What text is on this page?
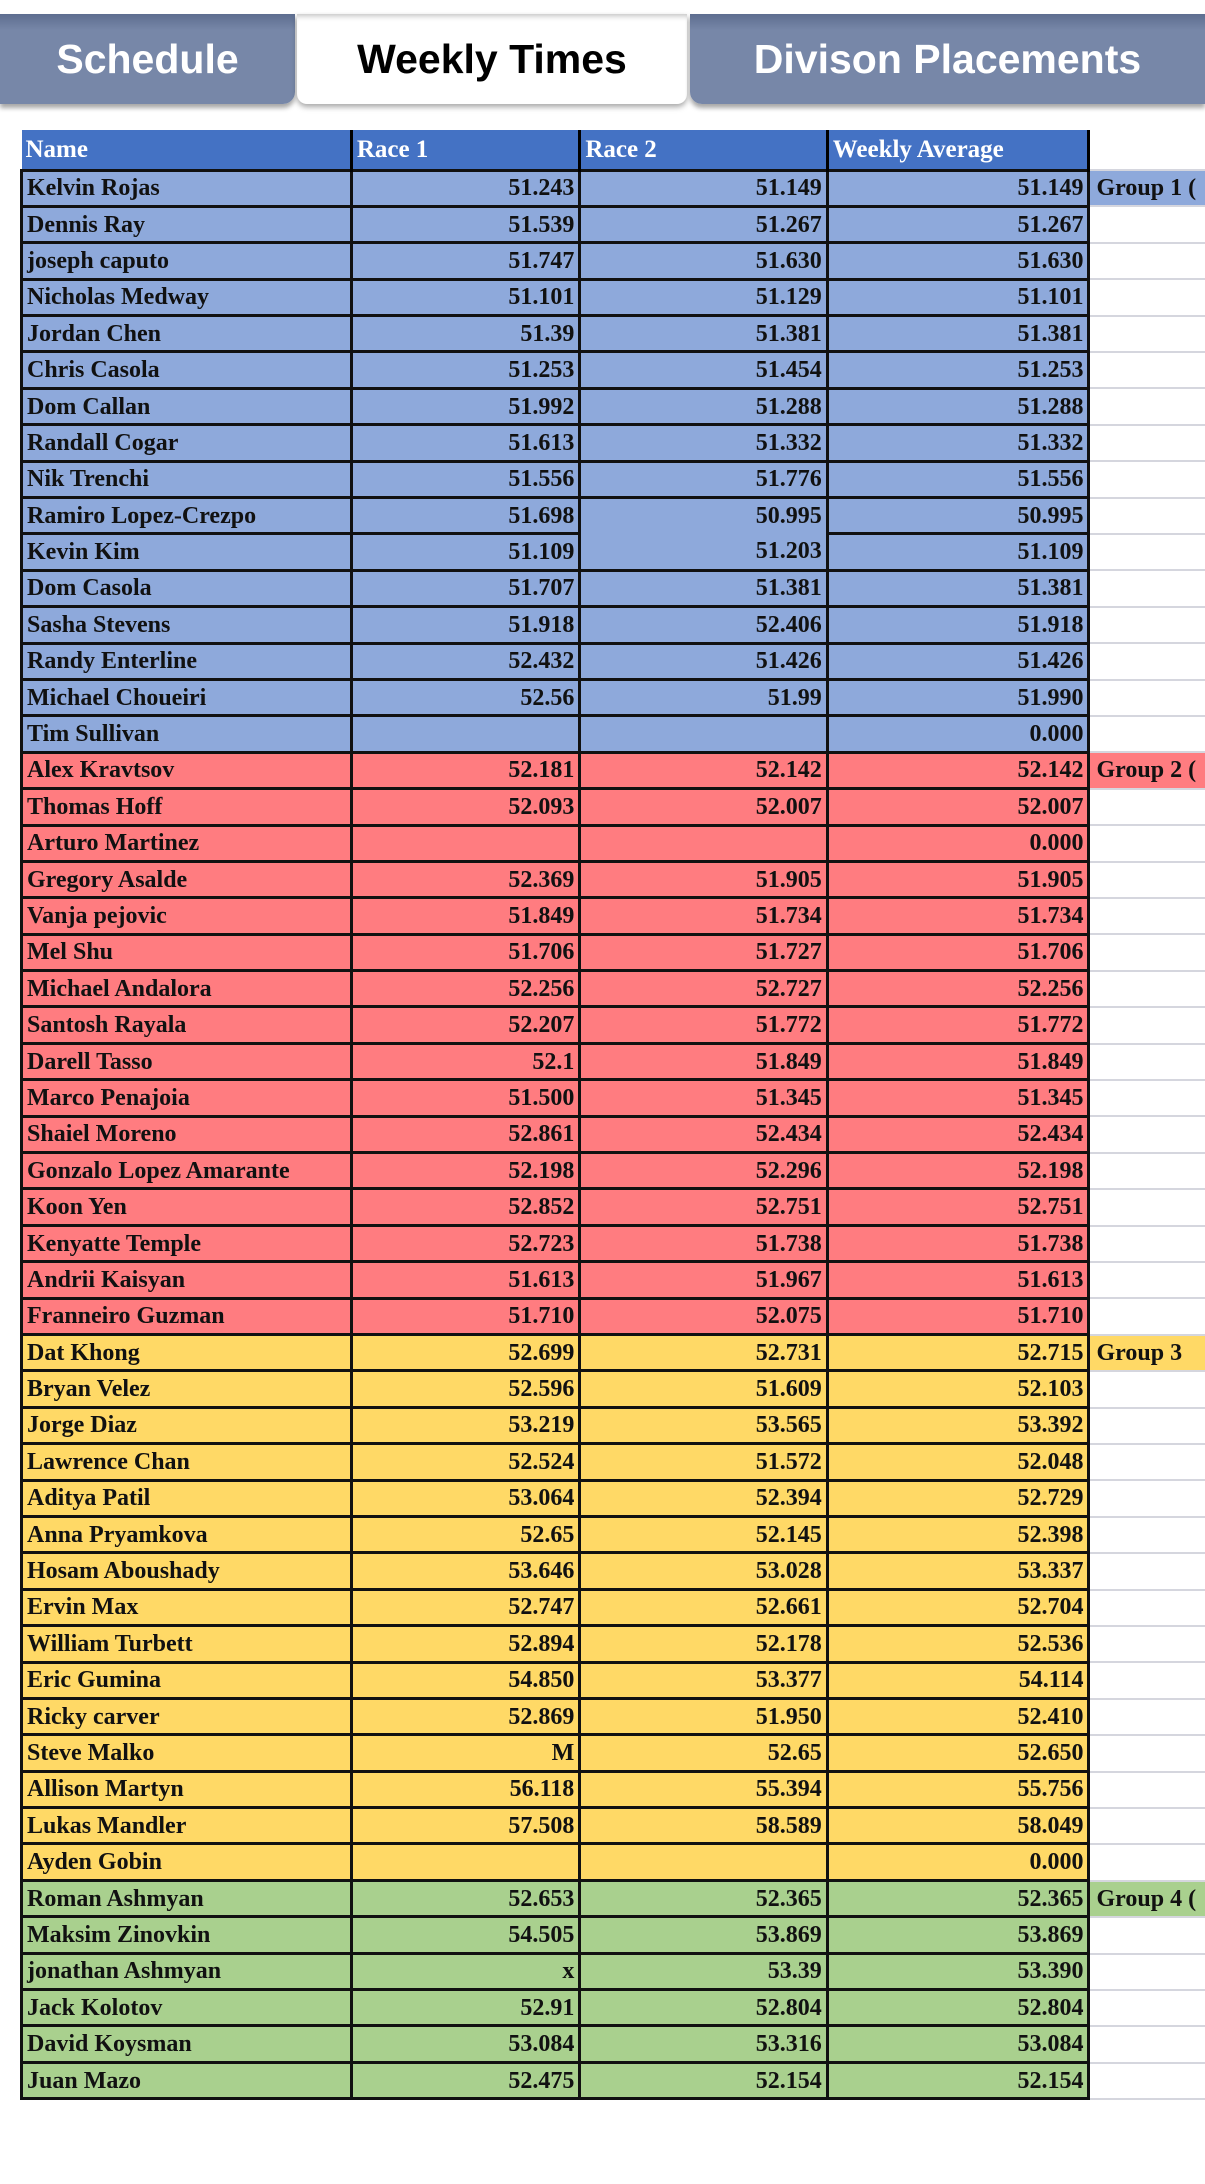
Schedule	Weekly Times	Divison Placements
Name	Race 1	Race 2	Weekly Average	
Kelvin Rojas	51.243	51.149	51.149	Group 1 (
Dennis Ray	51.539	51.267	51.267	
joseph caputo	51.747	51.630	51.630	
Nicholas Medway	51.101	51.129	51.101	
Jordan Chen	51.39	51.381	51.381	
Chris Casola	51.253	51.454	51.253	
Dom Callan	51.992	51.288	51.288	
Randall Cogar	51.613	51.332	51.332	
Nik Trenchi	51.556	51.776	51.556	
Ramiro Lopez-Crezpo	51.698	50.995	50.995	
Kevin Kim	51.109	51.203	51.109	
Dom Casola	51.707	51.381	51.381	
Sasha Stevens	51.918	52.406	51.918	
Randy Enterline	52.432	51.426	51.426	
Michael Choueiri	52.56	51.99	51.990	
Tim Sullivan			0.000	
Alex Kravtsov	52.181	52.142	52.142	Group 2 (
Thomas Hoff	52.093	52.007	52.007	
Arturo Martinez			0.000	
Gregory Asalde	52.369	51.905	51.905	
Vanja pejovic	51.849	51.734	51.734	
Mel Shu	51.706	51.727	51.706	
Michael Andalora	52.256	52.727	52.256	
Santosh Rayala	52.207	51.772	51.772	
Darell Tasso	52.1	51.849	51.849	
Marco Penajoia	51.500	51.345	51.345	
Shaiel Moreno	52.861	52.434	52.434	
Gonzalo Lopez Amarante	52.198	52.296	52.198	
Koon Yen	52.852	52.751	52.751	
Kenyatte Temple	52.723	51.738	51.738	
Andrii Kaisyan	51.613	51.967	51.613	
Franneiro Guzman	51.710	52.075	51.710	
Dat Khong	52.699	52.731	52.715	Group 3
Bryan Velez	52.596	51.609	52.103	
Jorge Diaz	53.219	53.565	53.392	
Lawrence Chan	52.524	51.572	52.048	
Aditya Patil	53.064	52.394	52.729	
Anna Pryamkova	52.65	52.145	52.398	
Hosam Aboushady	53.646	53.028	53.337	
Ervin Max	52.747	52.661	52.704	
William Turbett	52.894	52.178	52.536	
Eric Gumina	54.850	53.377	54.114	
Ricky carver	52.869	51.950	52.410	
Steve Malko	M	52.65	52.650	
Allison Martyn	56.118	55.394	55.756	
Lukas Mandler	57.508	58.589	58.049	
Ayden Gobin			0.000	
Roman Ashmyan	52.653	52.365	52.365	Group 4 (
Maksim Zinovkin	54.505	53.869	53.869	
jonathan Ashmyan	x	53.39	53.390	
Jack Kolotov	52.91	52.804	52.804	
David Koysman	53.084	53.316	53.084	
Juan Mazo	52.475	52.154	52.154	
